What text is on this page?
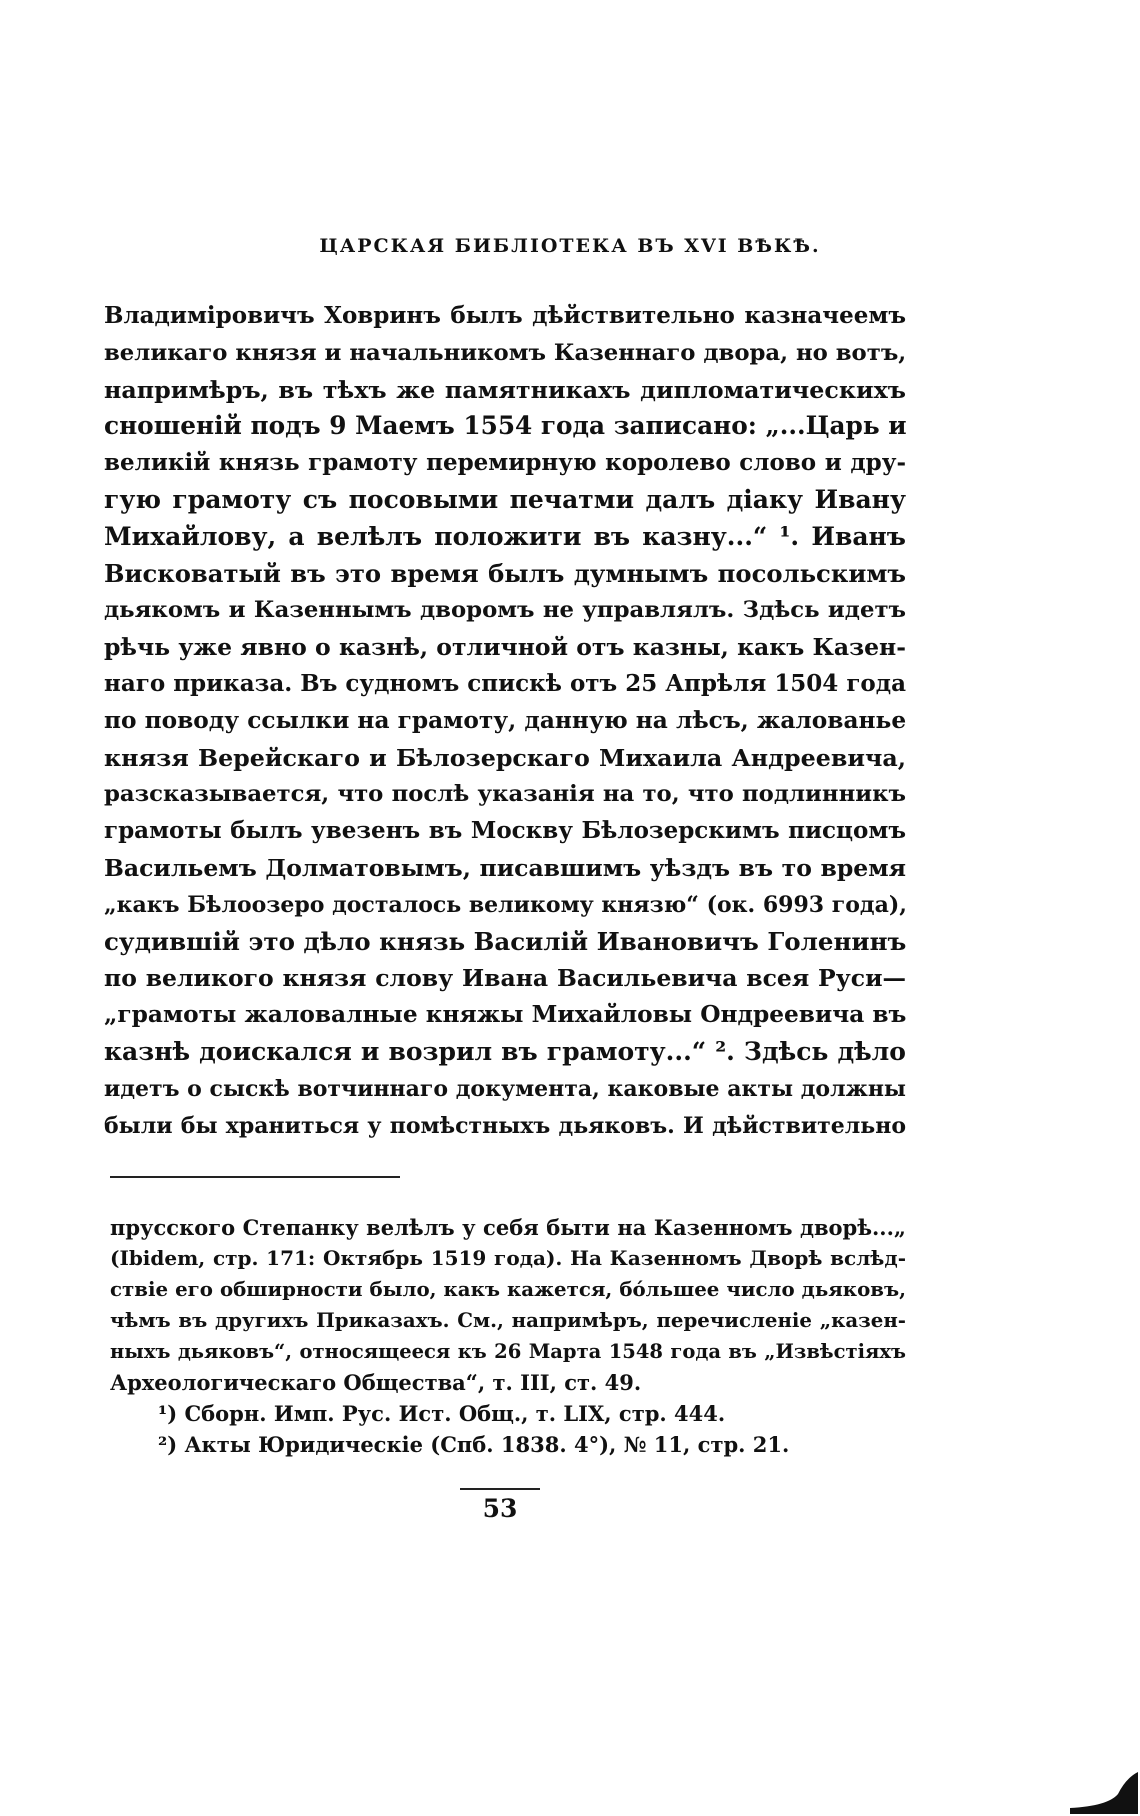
ЦАРСКАЯ БИБЛІОТЕКА ВЪ XVI ВѢКѢ.
Владиміровичъ Ховринъ былъ дѣйствительно казначеемъ
великаго князя и начальникомъ Казеннаго двора, но вотъ,
напримѣръ, въ тѣхъ же памятникахъ дипломатическихъ
сношеній подъ 9 Маемъ 1554 года записано: „...Царь и
великій князь грамоту перемирную королево слово и дру-
гую грамоту съ посовыми печатми далъ діаку Ивану
Михайлову, а велѣлъ положити въ казну...“ ¹. Иванъ
Висковатый въ это время былъ думнымъ посольскимъ
дьякомъ и Казеннымъ дворомъ не управлялъ. Здѣсь идетъ
рѣчь уже явно о казнѣ, отличной отъ казны, какъ Казен-
наго приказа. Въ судномъ спискѣ отъ 25 Апрѣля 1504 года
по поводу ссылки на грамоту, данную на лѣсъ, жалованье
князя Верейскаго и Бѣлозерскаго Михаила Андреевича,
разсказывается, что послѣ указанія на то, что подлинникъ
грамоты былъ увезенъ въ Москву Бѣлозерскимъ писцомъ
Васильемъ Долматовымъ, писавшимъ уѣздъ въ то время
„какъ Бѣлоозеро досталось великому князю“ (ок. 6993 года),
судившій это дѣло князь Василій Ивановичъ Голенинъ
по великого князя слову Ивана Васильевича всея Руси—
„грамоты жаловалные княжы Михайловы Ондреевича въ
казнѣ доискался и возрил въ грамоту...“ ². Здѣсь дѣло
идетъ о сыскѣ вотчиннаго документа, каковые акты должны
были бы храниться у помѣстныхъ дьяковъ. И дѣйствительно
прусского Степанку велѣлъ у себя быти на Казенномъ дворѣ...„
(Ibidem, стр. 171: Октябрь 1519 года). На Казенномъ Дворѣ вслѣд-
ствіе его обширности было, какъ кажется, бо́льшее число дьяковъ,
чѣмъ въ другихъ Приказахъ. См., напримѣръ, перечисленіе „казен-
ныхъ дьяковъ“, относящееся къ 26 Марта 1548 года въ „Извѣстіяхъ
Археологическаго Общества“, т. III, ст. 49.
¹) Сборн. Имп. Рус. Ист. Общ., т. LIX, стр. 444.
²) Акты Юридическіе (Спб. 1838. 4°), № 11, стр. 21.
53
